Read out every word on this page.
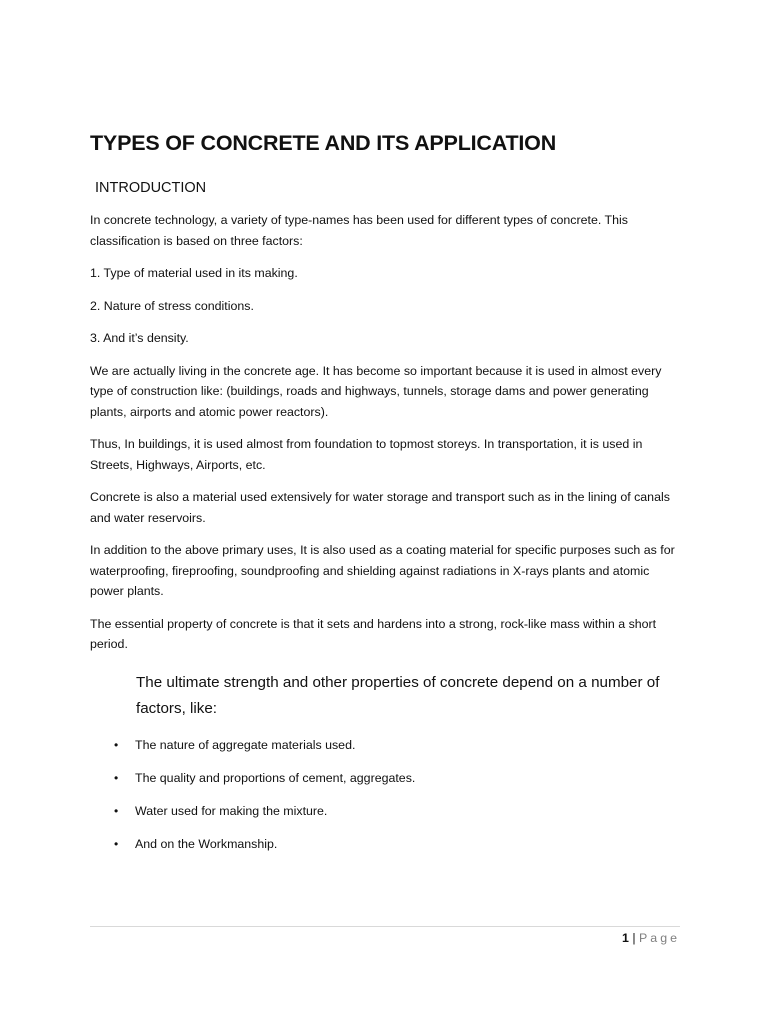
TYPES OF CONCRETE AND ITS APPLICATION
INTRODUCTION

In concrete technology, a variety of type-names has been used for different types of concrete. This classification is based on three factors:

1. Type of material used in its making.

2. Nature of stress conditions.

3. And it’s density.

We are actually living in the concrete age. It has become so important because it is used in almost every type of construction like: (buildings, roads and highways, tunnels, storage dams and power generating plants, airports and atomic power reactors).

Thus, In buildings, it is used almost from foundation to topmost storeys. In transportation, it is used in Streets, Highways, Airports, etc.

Concrete is also a material used extensively for water storage and transport such as in the lining of canals and water reservoirs.

In addition to the above primary uses, It is also used as a coating material for specific purposes such as for waterproofing, fireproofing, soundproofing and shielding against radiations in X-rays plants and atomic power plants.

The essential property of concrete is that it sets and hardens into a strong, rock-like mass within a short period.

The ultimate strength and other properties of concrete depend on a number of factors, like:
• The nature of aggregate materials used.
• The quality and proportions of cement, aggregates.
• Water used for making the mixture.
• And on the Workmanship.
1 | Page
